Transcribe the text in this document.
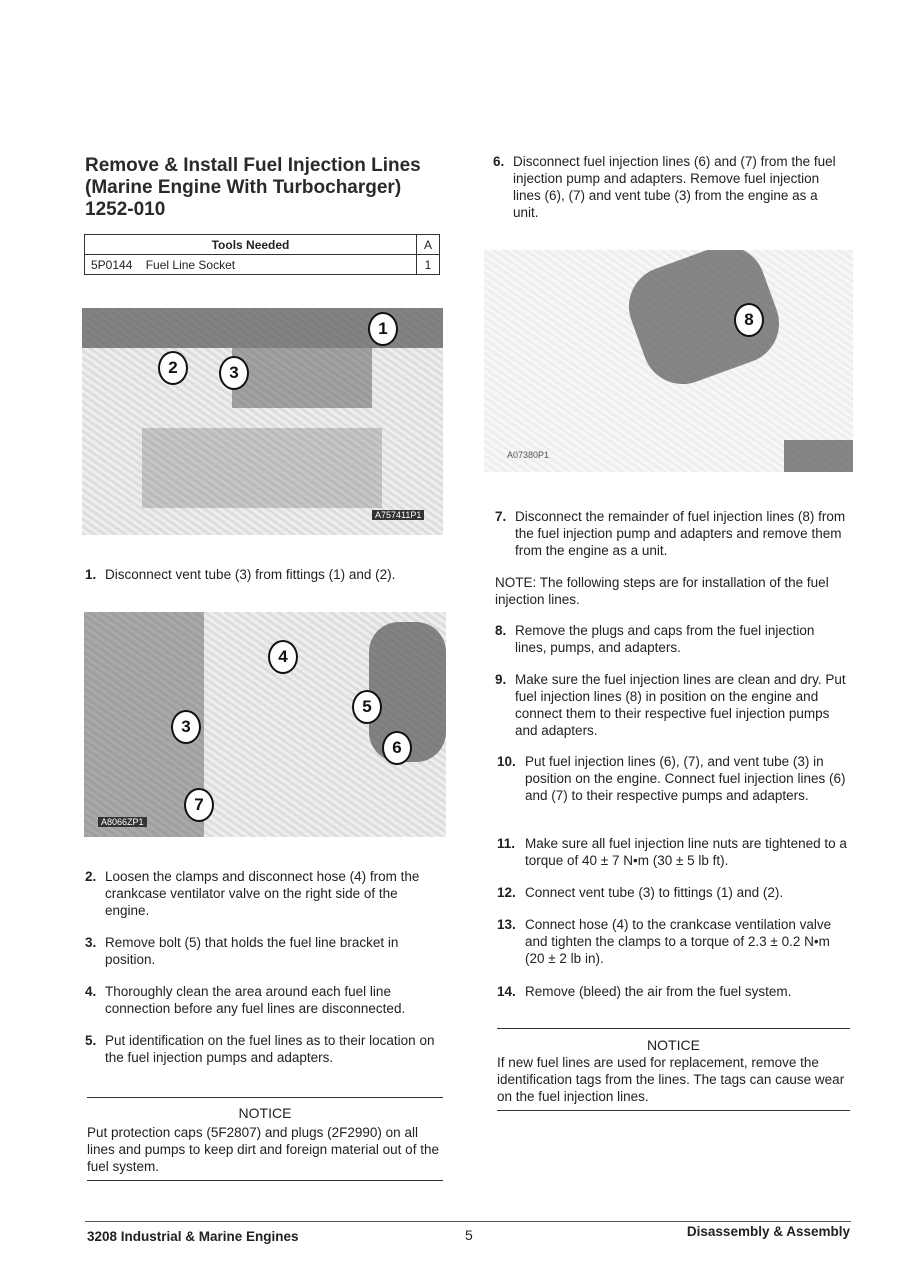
Remove & Install Fuel Injection Lines
(Marine Engine With Turbocharger)
1252-010
Tools Needed	A
5P0144 Fuel Line Socket	1
1
2	3
A757411P1
1. Disconnect vent tube (3) from fittings (1) and (2).
4
5
3
6
7
A8066ZP1
2. Loosen the clamps and disconnect hose (4) from the crankcase ventilator valve on the right side of the engine.
3. Remove bolt (5) that holds the fuel line bracket in position.
4. Thoroughly clean the area around each fuel line connection before any fuel lines are disconnected.
5. Put identification on the fuel lines as to their location on the fuel injection pumps and adapters.
NOTICE
Put protection caps (5F2807) and plugs (2F2990) on all lines and pumps to keep dirt and foreign material out of the fuel system.
6. Disconnect fuel injection lines (6) and (7) from the fuel injection pump and adapters. Remove fuel injection lines (6), (7) and vent tube (3) from the engine as a unit.
8
A07380P1
7. Disconnect the remainder of fuel injection lines (8) from the fuel injection pump and adapters and remove them from the engine as a unit.
NOTE: The following steps are for installation of the fuel injection lines.
8. Remove the plugs and caps from the fuel injection lines, pumps, and adapters.
9. Make sure the fuel injection lines are clean and dry. Put fuel injection lines (8) in position on the engine and connect them to their respective fuel injection pumps and adapters.
10. Put fuel injection lines (6), (7), and vent tube (3) in position on the engine. Connect fuel injection lines (6) and (7) to their respective pumps and adapters.
11. Make sure all fuel injection line nuts are tightened to a torque of 40 ± 7 N•m (30 ± 5 lb ft).
12. Connect vent tube (3) to fittings (1) and (2).
13. Connect hose (4) to the crankcase ventilation valve and tighten the clamps to a torque of 2.3 ± 0.2 N•m (20 ± 2 lb in).
14. Remove (bleed) the air from the fuel system.
NOTICE
If new fuel lines are used for replacement, remove the identification tags from the lines. The tags can cause wear on the fuel injection lines.
3208 Industrial & Marine Engines	5	Disassembly & Assembly
